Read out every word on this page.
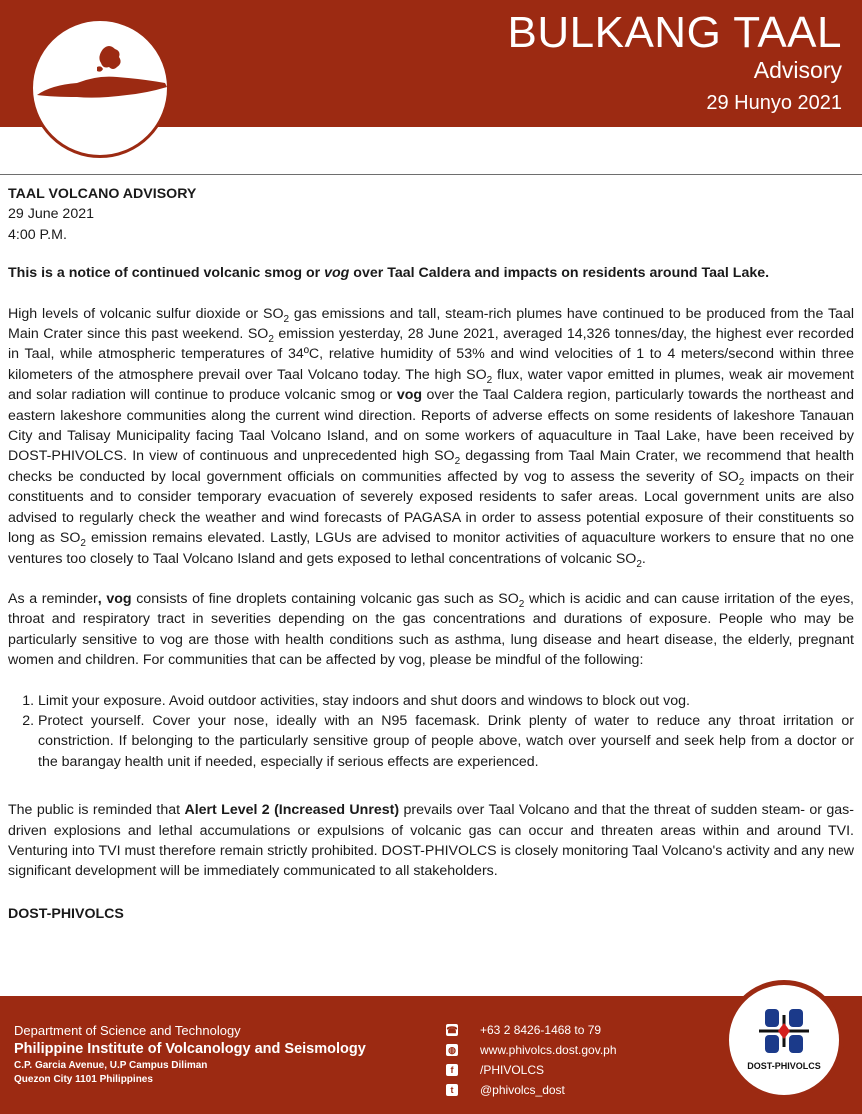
BULKANG TAAL
Advisory
29 Hunyo 2021

TAAL VOLCANO ADVISORY

29 June 2021

4:00 P.M.

This is a notice of continued volcanic smog or vog over Taal Caldera and impacts on residents around Taal Lake.

High levels of volcanic sulfur dioxide or $SO_2$ gas emissions and tall, steam-rich plumes have continued to be produced from the Taal Main Crater since this past weekend. $SO_2$ emission yesterday, 28 June 2021, averaged 14,326 tonnes/day, the highest ever recorded in Taal, while atmospheric temperatures of 34ºC, relative humidity of 53% and wind velocities of 1 to 4 meters/second within three kilometers of the atmosphere prevail over Taal Volcano today. The high $SO_2$ flux, water vapor emitted in plumes, weak air movement and solar radiation will continue to produce volcanic smog or vog over the Taal Caldera region, particularly towards the northeast and eastern lakeshore communities along the current wind direction. Reports of adverse effects on some residents of lakeshore Tanauan City and Talisay Municipality facing Taal Volcano Island, and on some workers of aquaculture in Taal Lake, have been received by DOST-PHIVOLCS. In view of continuous and unprecedented high $SO_2$ degassing from Taal Main Crater, we recommend that health checks be conducted by local government officials on communities affected by vog to assess the severity of $SO_2$ impacts on their constituents and to consider temporary evacuation of severely exposed residents to safer areas. Local government units are also advised to regularly check the weather and wind forecasts of PAGASA in order to assess potential exposure of their constituents so long as $SO_2$ emission remains elevated. Lastly, LGUs are advised to monitor activities of aquaculture workers to ensure that no one ventures too closely to Taal Volcano Island and gets exposed to lethal concentrations of volcanic $SO_2$.

As a reminder, vog consists of fine droplets containing volcanic gas such as $SO_2$ which is acidic and can cause irritation of the eyes, throat and respiratory tract in severities depending on the gas concentrations and durations of exposure. People who may be particularly sensitive to vog are those with health conditions such as asthma, lung disease and heart disease, the elderly, pregnant women and children. For communities that can be affected by vog, please be mindful of the following:

1. Limit your exposure. Avoid outdoor activities, stay indoors and shut doors and windows to block out vog.
2. Protect yourself. Cover your nose, ideally with an N95 facemask. Drink plenty of water to reduce any throat irritation or constriction. If belonging to the particularly sensitive group of people above, watch over yourself and seek help from a doctor or the barangay health unit if needed, especially if serious effects are experienced.

The public is reminded that Alert Level 2 (Increased Unrest) prevails over Taal Volcano and that the threat of sudden steam- or gas-driven explosions and lethal accumulations or expulsions of volcanic gas can occur and threaten areas within and around TVI. Venturing into TVI must therefore remain strictly prohibited. DOST-PHIVOLCS is closely monitoring Taal Volcano's activity and any new significant development will be immediately communicated to all stakeholders.

DOST-PHIVOLCS

Department of Science and Technology
Philippine Institute of Volcanology and Seismology
C.P. Garcia Avenue, U.P Campus Diliman
Quezon City 1101 Philippines
☎ +63 2 8426-1468 to 79
◍ www.phivolcs.dost.gov.ph
f	/PHIVOLCS
t	@phivolcs_dost
DOST-PHIVOLCS
